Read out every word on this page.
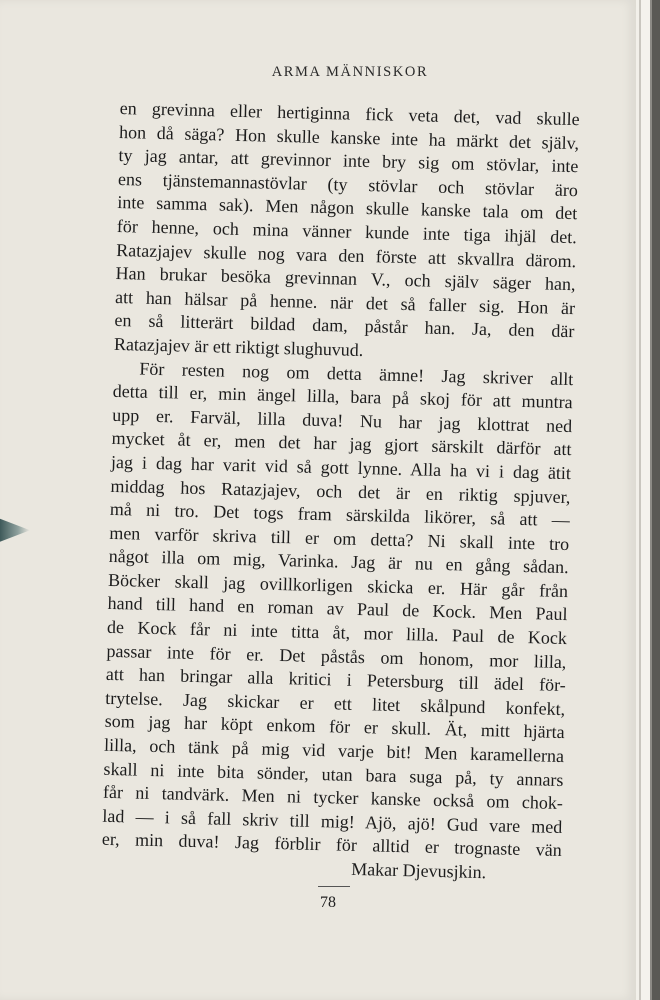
ARMA MÄNNISKOR
en grevinna eller hertiginna fick veta det, vad skulle
hon då säga? Hon skulle kanske inte ha märkt det själv,
ty jag antar, att grevinnor inte bry sig om stövlar, inte
ens tjänstemannastövlar (ty stövlar och stövlar äro
inte samma sak). Men någon skulle kanske tala om det
för henne, och mina vänner kunde inte tiga ihjäl det.
Ratazjajev skulle nog vara den förste att skvallra därom.
Han brukar besöka grevinnan V., och själv säger han,
att han hälsar på henne. när det så faller sig. Hon är
en så litterärt bildad dam, påstår han. Ja, den där
Ratazjajev är ett riktigt slughuvud.
För resten nog om detta ämne! Jag skriver allt
detta till er, min ängel lilla, bara på skoj för att muntra
upp er. Farväl, lilla duva! Nu har jag klottrat ned
mycket åt er, men det har jag gjort särskilt därför att
jag i dag har varit vid så gott lynne. Alla ha vi i dag ätit
middag hos Ratazjajev, och det är en riktig spjuver,
må ni tro. Det togs fram särskilda likörer, så att —
men varför skriva till er om detta? Ni skall inte tro
något illa om mig, Varinka. Jag är nu en gång sådan.
Böcker skall jag ovillkorligen skicka er. Här går från
hand till hand en roman av Paul de Kock. Men Paul
de Kock får ni inte titta åt, mor lilla. Paul de Kock
passar inte för er. Det påstås om honom, mor lilla,
att han bringar alla kritici i Petersburg till ädel för-
trytelse. Jag skickar er ett litet skålpund konfekt,
som jag har köpt enkom för er skull. Ät, mitt hjärta
lilla, och tänk på mig vid varje bit! Men karamellerna
skall ni inte bita sönder, utan bara suga på, ty annars
får ni tandvärk. Men ni tycker kanske också om chok-
lad — i så fall skriv till mig! Ajö, ajö! Gud vare med
er, min duva! Jag förblir för alltid er trognaste vän
Makar Djevusjkin.
78
